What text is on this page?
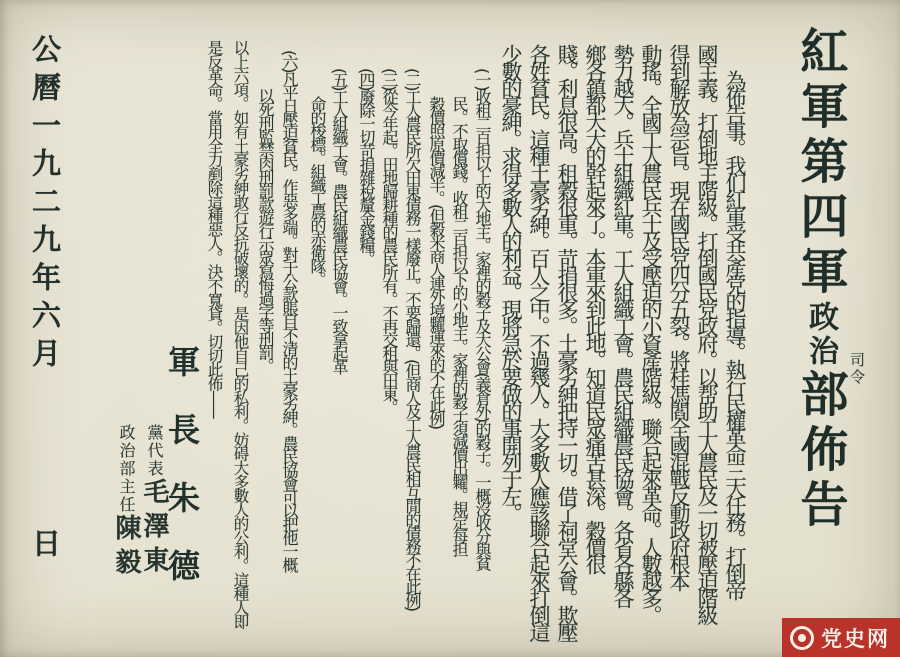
紅軍第四軍政治部佈告 司令
為佈告事。我们紅軍受共產党的指導。執行民權革命三大任務。打倒帝
國主義。打倒地主階級。打倒國民党政府。以帮助工人農民及一切被壓迫階級
得到解放為宗旨。現在國民党四分五裂。將桂馮閻全國混戰反動政府根本
動搖。全國工人農民兵士及受壓迫的小資產階級。聯合起來革命。人數越多。
勢力越大。兵士組織紅軍。工人組織工會。農民組織農民協會。各省各縣各
鄉各鎮都大大的幹起來了。本軍來到此地。知道民眾痛苦甚深。穀價很
賤。利息很高。租穀很重。苛捐很多。土豪劣紳把持一切。借了祠堂公會。欺壓
各姓貧民。這種土豪劣紳。百人之中。不過幾人。大多數人應該聯合起來打倒這
少數的豪紳。求得多數人的利益。現將急於要做的事開列于左。
(一)收租二百担以上的大地主。家裡的穀子及大公會(義倉外)的穀子。一概沒收分與貧
民。不取償錢。收租二百担以下的小地主。家裡的穀子須減價出糶。規定每担
穀價照原價減半。(但穀米商人連外境糶運來的不在此例)
(二)工人農民所欠田東債務一樣廢止。不要歸還。(但商人及工人農民相互間的債務不在此例)
(三)從今年起。田地歸耕種的農民所有。不再交租與田東。
(四)廢除一切苛捐雜稅釐金錢糧。
(五)工人組織工會。農民組織農民協會。一致拿起革
命的梭標。組織工農的赤衛隊。
(六)凡平日壓迫貧民。作惡多端。對于公款賬目不清的土豪劣紳。農民協會可以把他一概
以死刑監禁肉刑罰款遊行示眾寫悔過字等刑罰。
以上六項。如有土豪劣紳敢行反抗破壞的。是因他自己的私利。妨碍大多數人的公利。這種人即
是反革命。當用全力剷除這種惡人。決不寬貸。切切此佈——
軍長朱德
黨代表毛澤東
政治部主任陳毅
公曆一九二九年六月　　　　日
党史网
